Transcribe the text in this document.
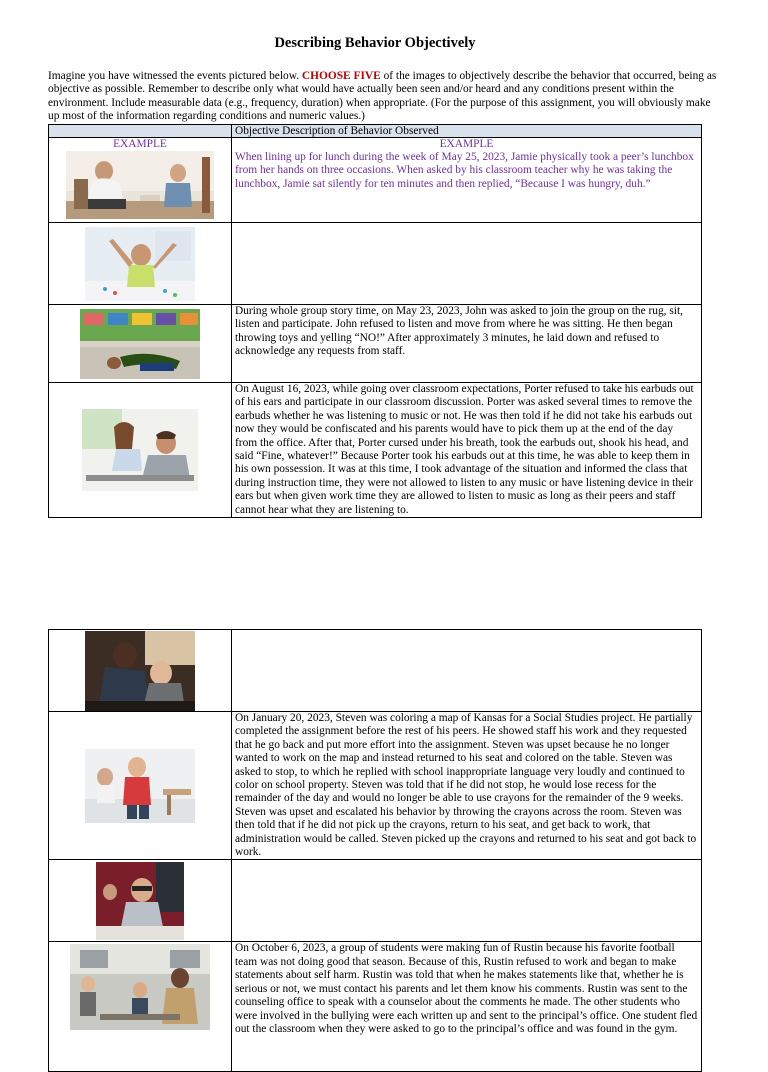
Describing Behavior Objectively
Imagine you have witnessed the events pictured below. CHOOSE FIVE of the images to objectively describe the behavior that occurred, being as objective as possible. Remember to describe only what would have actually been seen and/or heard and any conditions present within the environment. Include measurable data (e.g., frequency, duration) when appropriate. (For the purpose of this assignment, you will obviously make up most of the information regarding conditions and numeric values.)
	Objective Description of Behavior Observed

EXAMPLE	EXAMPLE
When lining up for lunch during the week of May 25, 2023, Jamie physically took a peer’s lunchbox from her hands on three occasions. When asked by his classroom teacher why he was taking the lunchbox, Jamie sat silently for ten minutes and then replied, “Because I was hungry, duh.”

	During whole group story time, on May 23, 2023, John was asked to join the group on the rug, sit, listen and participate. John refused to listen and move from where he was sitting. He then began throwing toys and yelling “NO!” After approximately 3 minutes, he laid down and refused to acknowledge any requests from staff.

	On August 16, 2023, while going over classroom expectations, Porter refused to take his earbuds out of his ears and participate in our classroom discussion. Porter was asked several times to remove the earbuds whether he was listening to music or not. He was then told if he did not take his earbuds out now they would be confiscated and his parents would have to pick them up at the end of the day from the office. After that, Porter cursed under his breath, took the earbuds out, shook his head, and said “Fine, whatever!” Because Porter took his earbuds out at this time, he was able to keep them in his own possession. It was at this time, I took advantage of the situation and informed the class that during instruction time, they were not allowed to listen to any music or have listening device in their ears but when given work time they are allowed to listen to music as long as their peers and staff cannot hear what they are listening to.

	On January 20, 2023, Steven was coloring a map of Kansas for a Social Studies project. He partially completed the assignment before the rest of his peers. He showed staff his work and they requested that he go back and put more effort into the assignment. Steven was upset because he no longer wanted to work on the map and instead returned to his seat and colored on the table. Steven was asked to stop, to which he replied with school inappropriate language very loudly and continued to color on school property. Steven was told that if he did not stop, he would lose recess for the remainder of the day and would no longer be able to use crayons for the remainder of the 9 weeks. Steven was upset and escalated his behavior by throwing the crayons across the room. Steven was then told that if he did not pick up the crayons, return to his seat, and get back to work, that administration would be called. Steven picked up the crayons and returned to his seat and got back to work.

	On October 6, 2023, a group of students were making fun of Rustin because his favorite football team was not doing good that season. Because of this, Rustin refused to work and began to make statements about self harm. Rustin was told that when he makes statements like that, whether he is serious or not, we must contact his parents and let them know his comments. Rustin was sent to the counseling office to speak with a counselor about the comments he made. The other students who were involved in the bullying were each written up and sent to the principal’s office. One student fled out the classroom when they were asked to go to the principal’s office and was found in the gym.
